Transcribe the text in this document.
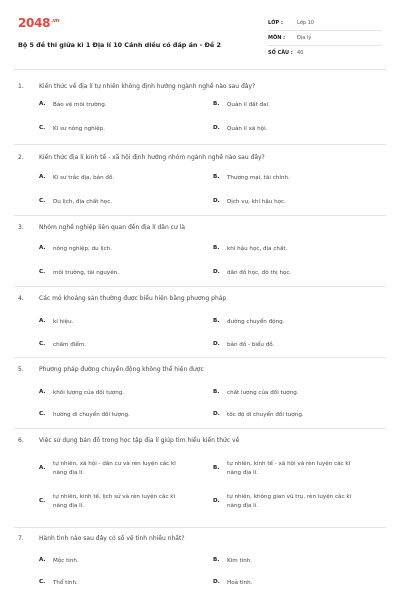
$2048^{.vn}$
Bộ 5 đề thi giữa kì 1 Địa lí 10 Cánh diều có đáp án - Đề 2
LỚP :	Lớp 10
MÔN : Địa lý
SỐ CÂU : 40
1.	Kiến thức về địa lí tự nhiên không định hướng ngành nghề nào sau đây?
A. Bảo vệ môi trường.	B. Quản lí đất đai.
C. Kĩ sư nông nghiệp.	D. Quản lí xã hội.
2.	Kiến thức địa lí kinh tế - xã hội định hướng nhóm ngành nghề nào sau đây?
A. Kĩ sư trắc địa, bản đồ.	B. Thương mại, tài chính.
C. Du lịch, địa chất học.	D. Dịch vụ, khí hậu học.
3.	Nhóm nghề nghiệp liên quan đến địa lí dân cư là
A. nông nghiệp, du lịch.	B. khí hậu học, địa chất.
C. môi trường, tài nguyên.	D. dân đồ học, đô thị học.
4.	Các mỏ khoáng sản thường được biểu hiện bằng phương pháp
A. kí hiệu.	B. đường chuyển động.
C. chấm điểm.	D. bản đồ - biểu đồ.
5.	Phương pháp đường chuyển động không thể hiện được
A. khối lượng của đối tượng.	B. chất lượng của đối tượng.
C. hướng di chuyển đối tượng.	D. tốc độ di chuyển đối tượng.
6.	Việc sử dụng bản đồ trong học tập địa lí giúp tìm hiểu kiến thức về
A.
tự nhiên, xã hội - dân cư và rèn luyện các kĩ
năng địa lí.
B.
tự nhiên, kinh tế - xã hội và rèn luyện các kĩ
năng địa lí.
C.
tự nhiên, kinh tế, lịch sử và rèn luyện các kĩ
năng địa lí.
D.
tự nhiên, không gian vũ trụ, rèn luyện các kĩ
năng địa lí.
7.	Hành tinh nào sau đây có số vệ tinh nhiều nhất?
A. Mộc tinh.	B. Kim tinh.
C. Thổ tinh.	D. Hoả tinh.
